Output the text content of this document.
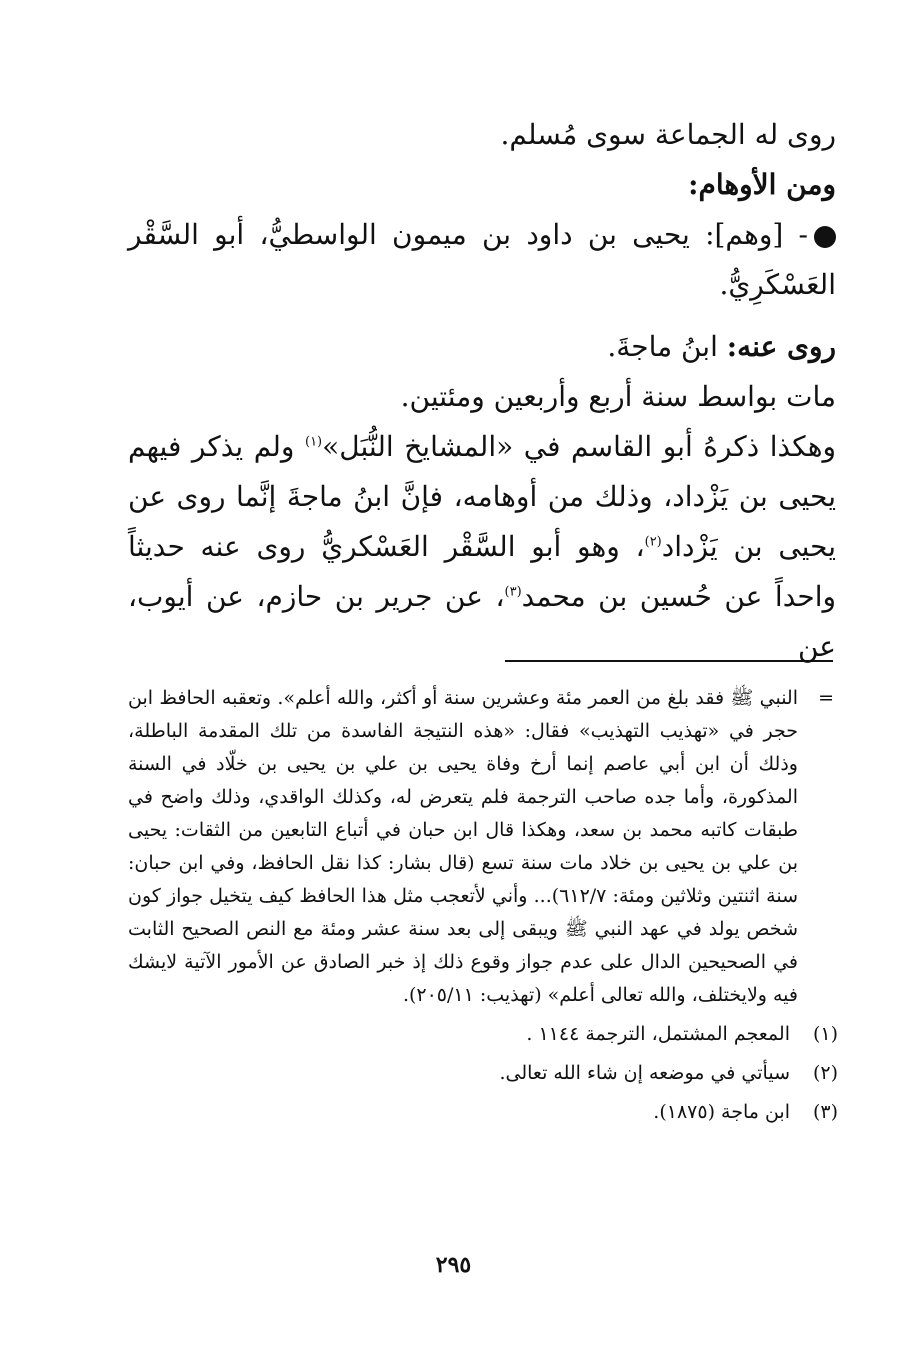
روى له الجماعة سوى مُسلم.

ومن الأوهام:

- [وهم]: يحيى بن داود بن ميمون الواسطيُّ، أبو السَّقْر العَسْكَرِيُّ.

روى عنه: ابنُ ماجةَ.

مات بواسط سنة أربع وأربعين ومئتين.

وهكذا ذكرهُ أبو القاسم في «المشايخ النُّبَل»$^{(١)}$ ولم يذكر فيهم يحيى بن يَزْداد، وذلك من أوهامه، فإنَّ ابنُ ماجةَ إنَّما روى عن يحيى بن يَزْداد$^{(٢)}$، وهو أبو السَّقْر العَسْكريُّ روى عنه حديثاً واحداً عن حُسين بن محمد$^{(٣)}$، عن جرير بن حازم، عن أيوب، عن

=
النبي ﷺ فقد بلغ من العمر مئة وعشرين سنة أو أكثر، والله أعلم». وتعقبه الحافظ ابن حجر في «تهذيب التهذيب» فقال: «هذه النتيجة الفاسدة من تلك المقدمة الباطلة، وذلك أن ابن أبي عاصم إنما أرخ وفاة يحيى بن علي بن يحيى بن خلّاد في السنة المذكورة، وأما جده صاحب الترجمة فلم يتعرض له، وكذلك الواقدي، وذلك واضح في طبقات كاتبه محمد بن سعد، وهكذا قال ابن حبان في أتباع التابعين من الثقات: يحيى بن علي بن يحيى بن خلاد مات سنة تسع (قال بشار: كذا نقل الحافظ، وفي ابن حبان: سنة اثنتين وثلاثين ومئة: ٦١٢/٧)... وأني لأتعجب مثل هذا الحافظ كيف يتخيل جواز كون شخص يولد في عهد النبي ﷺ ويبقى إلى بعد سنة عشر ومئة مع النص الصحيح الثابت في الصحيحين الدال على عدم جواز وقوع ذلك إذ خبر الصادق عن الأمور الآتية لايشك فيه ولايختلف، والله تعالى أعلم» (تهذيب: ٢٠٥/١١).
(١)
المعجم المشتمل، الترجمة ١١٤٤ .
(٢)
سيأتي في موضعه إن شاء الله تعالى.
(٣)
ابن ماجة (١٨٧٥).
٢٩٥
